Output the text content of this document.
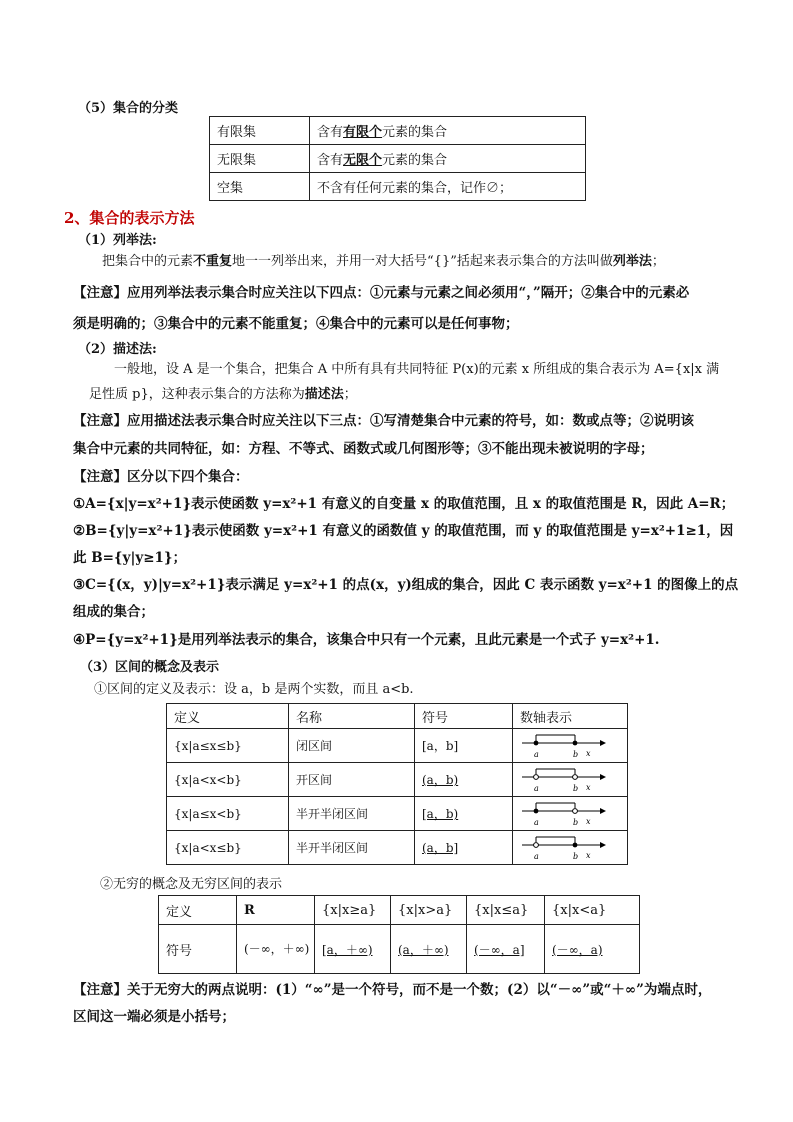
（5）集合的分类
有限集	含有有限个元素的集合
无限集	含有无限个元素的集合
空集	不含有任何元素的集合，记作∅；
2、集合的表示方法
（1）列举法:
把集合中的元素不重复地一一列举出来，并用一对大括号“{}”括起来表示集合的方法叫做列举法；
【注意】应用列举法表示集合时应关注以下四点：①元素与元素之间必须用“，”隔开；②集合中的元素必
须是明确的；③集合中的元素不能重复；④集合中的元素可以是任何事物；
（2）描述法:
一般地，设 A 是一个集合，把集合 A 中所有具有共同特征 P(x)的元素 x 所组成的集合表示为 A={x|x 满
足性质 p}，这种表示集合的方法称为描述法；
【注意】应用描述法表示集合时应关注以下三点：①写清楚集合中元素的符号，如：数或点等；②说明该
集合中元素的共同特征，如：方程、不等式、函数式或几何图形等；③不能出现未被说明的字母；
【注意】区分以下四个集合：
①A={x|y=x²+1}表示使函数 y=x²+1 有意义的自变量 x 的取值范围，且 x 的取值范围是 R，因此 A=R；
②B={y|y=x²+1}表示使函数 y=x²+1 有意义的函数值 y 的取值范围，而 y 的取值范围是 y=x²+1≥1，因
此 B={y|y≥1}；
③C={(x，y)|y=x²+1}表示满足 y=x²+1 的点(x，y)组成的集合，因此 C 表示函数 y=x²+1 的图像上的点
组成的集合；
④P={y=x²+1}是用列举法表示的集合，该集合中只有一个元素，且此元素是一个式子 y=x²+1.
（3）区间的概念及表示
①区间的定义及表示：设 a，b 是两个实数，而且 a<b.
定义	名称	符号	数轴表示
{x|a≤x≤b}	闭区间	[a，b]	a b x

{x|a<x<b}	开区间	(a，b)	a b x

{x|a≤x<b}	半开半闭区间	[a，b)	a b x

{x|a<x≤b}	半开半闭区间	(a，b]	a b x
②无穷的概念及无穷区间的表示
定义	R	{x|x≥a}	{x|x>a}	{x|x≤a}	{x|x<a}
符号	(－∞，＋∞)	[a，＋∞)	(a，＋∞)	(－∞，a]	(－∞，a)
【注意】关于无穷大的两点说明：(1）“∞”是一个符号，而不是一个数；(2）以“－∞”或“＋∞”为端点时，
区间这一端必须是小括号；
